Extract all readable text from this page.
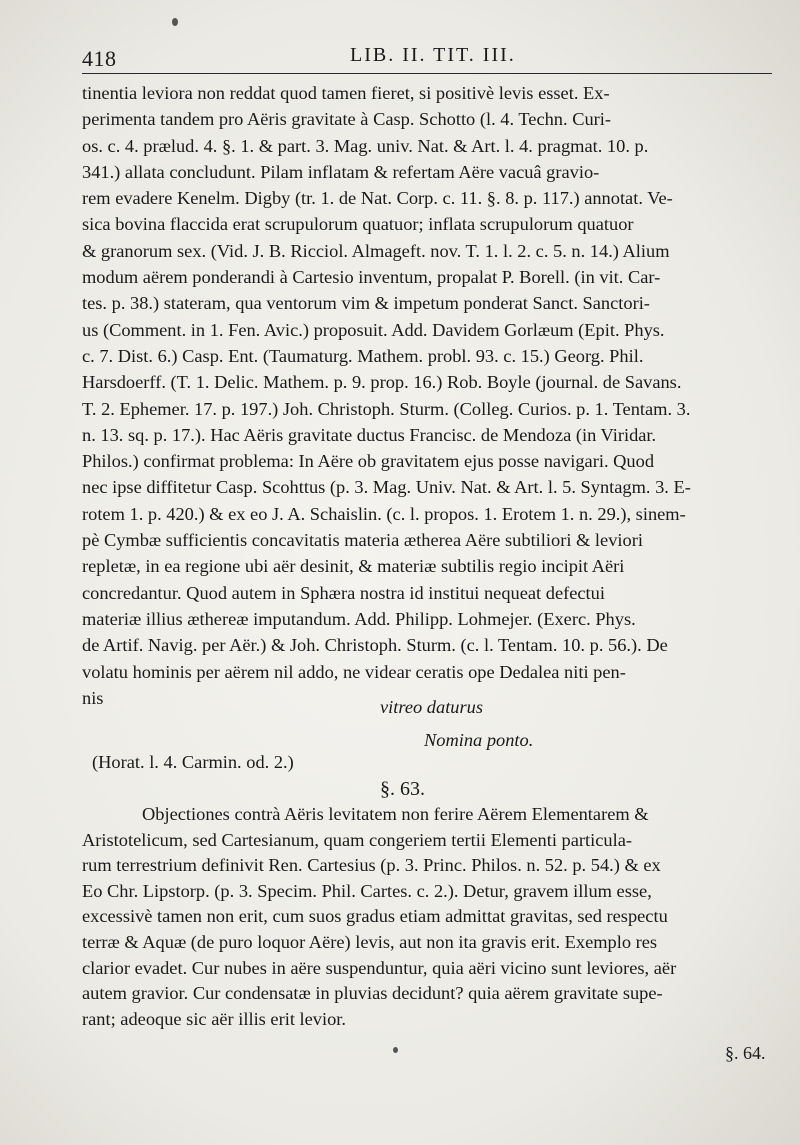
418	LIB. II. TIT. III.
tinentia leviora non reddat quod tamen fieret, si positivè levis esset. Ex-
perimenta tandem pro Aëris gravitate à Casp. Schotto (l. 4. Techn. Curi-
os. c. 4. prælud. 4. §. 1. & part. 3. Mag. univ. Nat. & Art. l. 4. pragmat. 10. p.
341.) allata concludunt. Pilam inflatam & refertam Aëre vacuâ gravio-
rem evadere Kenelm. Digby (tr. 1. de Nat. Corp. c. 11. §. 8. p. 117.) annotat. Ve-
sica bovina flaccida erat scrupulorum quatuor; inflata scrupulorum quatuor
& granorum sex. (Vid. J. B. Ricciol. Almageft. nov. T. 1. l. 2. c. 5. n. 14.) Alium
modum aërem ponderandi à Cartesio inventum, propalat P. Borell. (in vit. Car-
tes. p. 38.) stateram, qua ventorum vim & impetum ponderat Sanct. Sanctori-
us (Comment. in 1. Fen. Avic.) proposuit. Add. Davidem Gorlæum (Epit. Phys.
c. 7. Dist. 6.) Casp. Ent. (Taumaturg. Mathem. probl. 93. c. 15.) Georg. Phil.
Harsdoerff. (T. 1. Delic. Mathem. p. 9. prop. 16.) Rob. Boyle (journal. de Savans.
T. 2. Ephemer. 17. p. 197.) Joh. Christoph. Sturm. (Colleg. Curios. p. 1. Tentam. 3.
n. 13. sq. p. 17.). Hac Aëris gravitate ductus Francisc. de Mendoza (in Viridar.
Philos.) confirmat problema: In Aëre ob gravitatem ejus posse navigari. Quod
nec ipse diffitetur Casp. Scohttus (p. 3. Mag. Univ. Nat. & Art. l. 5. Syntagm. 3. E-
rotem 1. p. 420.) & ex eo J. A. Schaislin. (c. l. propos. 1. Erotem 1. n. 29.), sinem-
pè Cymbæ sufficientis concavitatis materia ætherea Aëre subtiliori & leviori
repletæ, in ea regione ubi aër desinit, & materiæ subtilis regio incipit Aëri
concredantur. Quod autem in Sphæra nostra id institui nequeat defectui
materiæ illius æthereæ imputandum. Add. Philipp. Lohmejer. (Exerc. Phys.
de Artif. Navig. per Aër.) & Joh. Christoph. Sturm. (c. l. Tentam. 10. p. 56.). De
volatu hominis per aërem nil addo, ne videar ceratis ope Dedalea niti pen-
nis	vitreo daturus
Nomina ponto.
(Horat. l. 4. Carmin. od. 2.)
§. 63.
Objectiones contrà Aëris levitatem non ferire Aërem Elementarem &
Aristotelicum, sed Cartesianum, quam congeriem tertii Elementi particula-
rum terrestrium definivit Ren. Cartesius (p. 3. Princ. Philos. n. 52. p. 54.) & ex
Eo Chr. Lipstorp. (p. 3. Specim. Phil. Cartes. c. 2.). Detur, gravem illum esse,
excessivè tamen non erit, cum suos gradus etiam admittat gravitas, sed respectu
terræ & Aquæ (de puro loquor Aëre) levis, aut non ita gravis erit. Exemplo res
clarior evadet. Cur nubes in aëre suspenduntur, quia aëri vicino sunt leviores, aër
autem gravior. Cur condensatæ in pluvias decidunt? quia aërem gravitate supe-
rant; adeoque sic aër illis erit levior.
§. 64.
